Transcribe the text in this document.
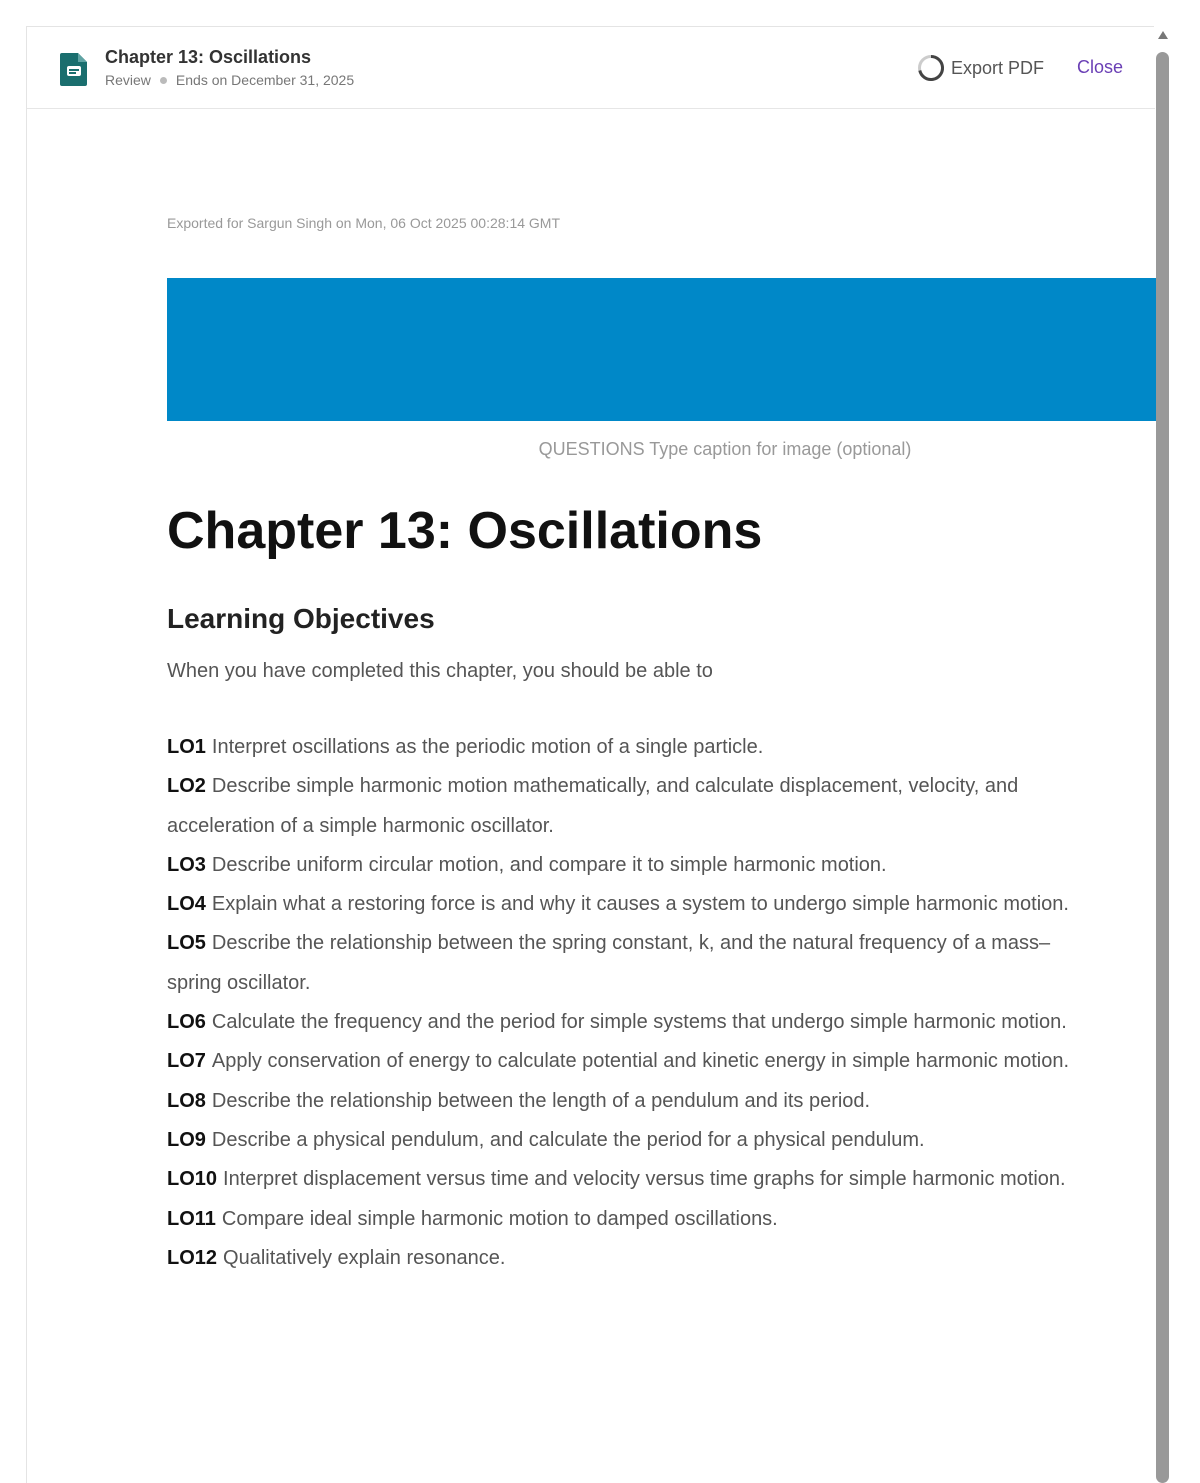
Chapter 13: Oscillations
Review Ends on December 31, 2025
Export PDF Close
Exported for Sargun Singh on Mon, 06 Oct 2025 00:28:14 GMT
QUESTIONS Type caption for image (optional)
Chapter 13: Oscillations
Learning Objectives
When you have completed this chapter, you should be able to
LO1 Interpret oscillations as the periodic motion of a single particle.
LO2 Describe simple harmonic motion mathematically, and calculate displacement, velocity, and acceleration of a simple harmonic oscillator.
LO3 Describe uniform circular motion, and compare it to simple harmonic motion.
LO4 Explain what a restoring force is and why it causes a system to undergo simple harmonic motion.
LO5 Describe the relationship between the spring constant, k, and the natural frequency of a mass–spring oscillator.
LO6 Calculate the frequency and the period for simple systems that undergo simple harmonic motion.
LO7 Apply conservation of energy to calculate potential and kinetic energy in simple harmonic motion.
LO8 Describe the relationship between the length of a pendulum and its period.
LO9 Describe a physical pendulum, and calculate the period for a physical pendulum.
LO10 Interpret displacement versus time and velocity versus time graphs for simple harmonic motion.
LO11 Compare ideal simple harmonic motion to damped oscillations.
LO12 Qualitatively explain resonance.
